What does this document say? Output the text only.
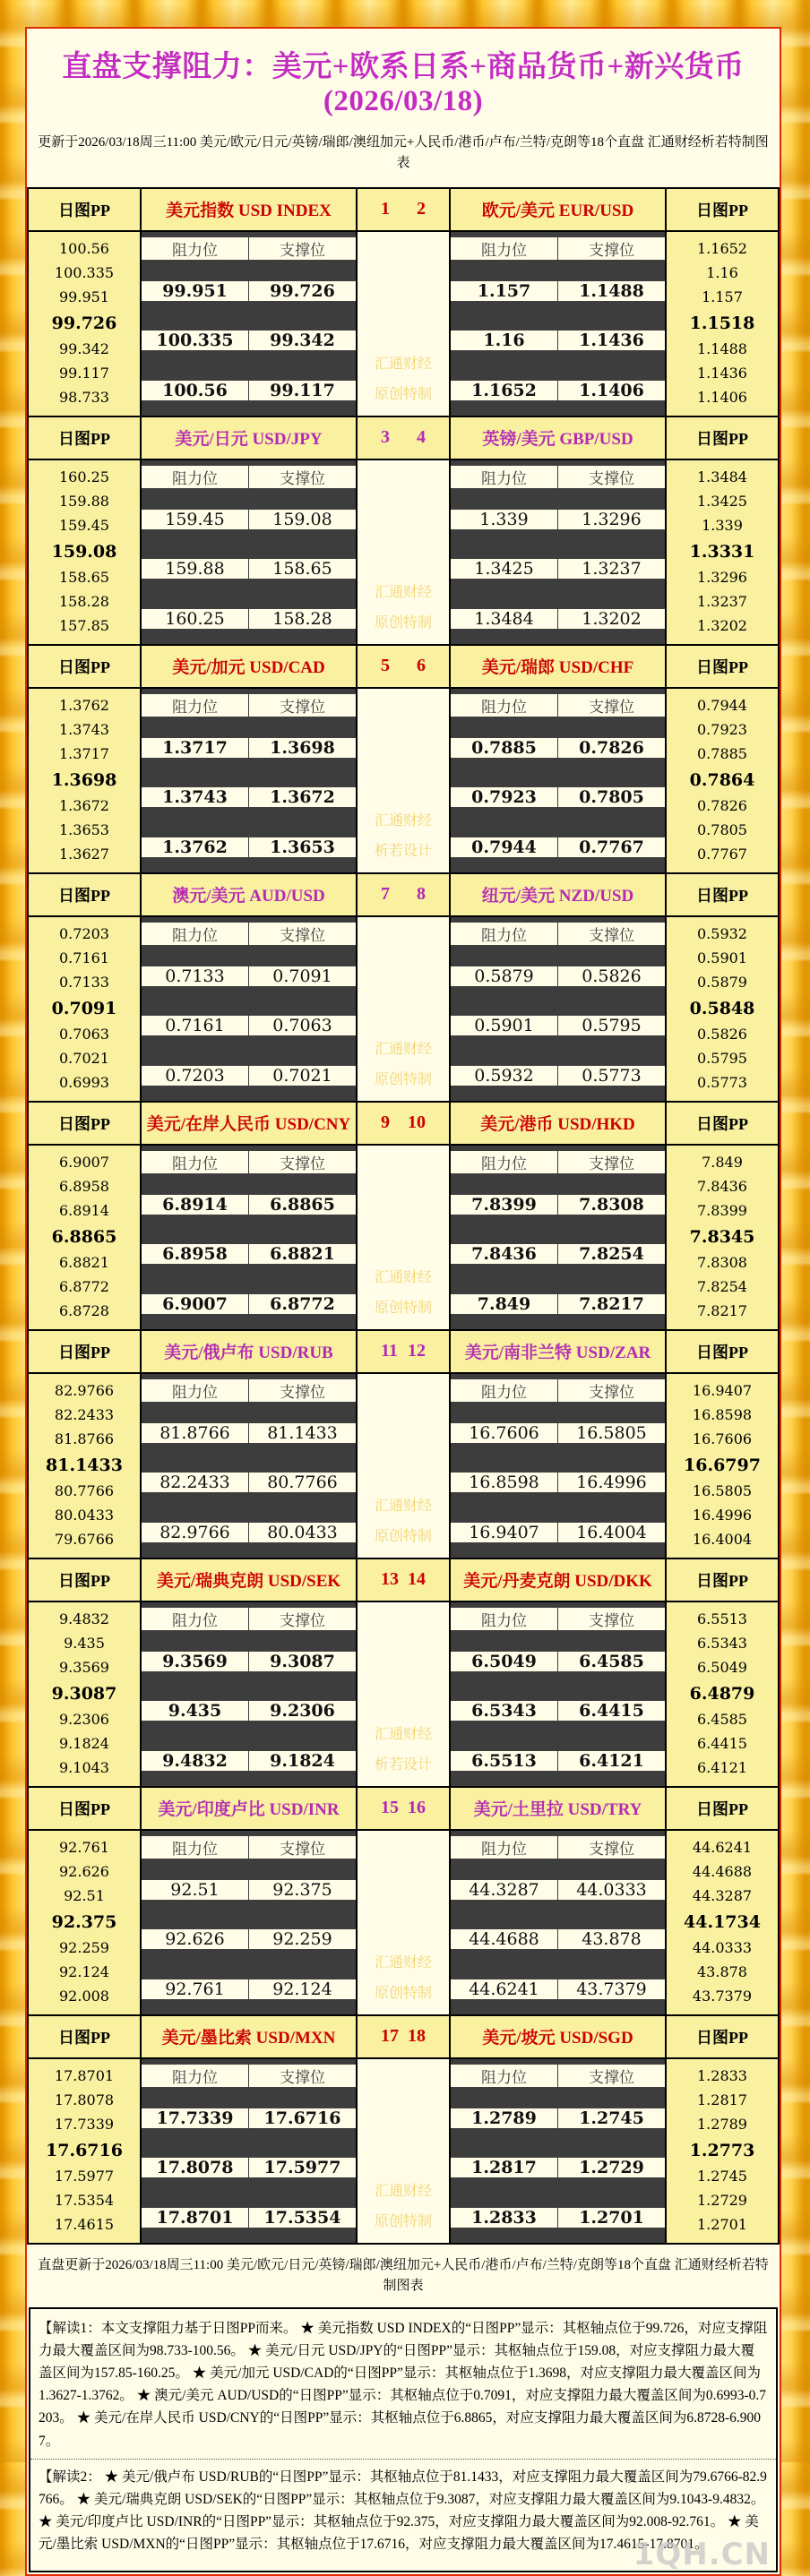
直盘支撑阻力：美元+欧系日系+商品货币+新兴货币(2026/03/18)
更新于2026/03/18周三11:00 美元/欧元/日元/英镑/瑞郎/澳纽加元+人民币/港币/卢布/兰特/克朗等18个直盘 汇通财经析若特制图表
日图PP	美元指数 USD INDEX	1 2	欧元/美元 EUR/USD	日图PP
100.56
100.335
99.951
99.726
99.342
99.117
98.733
阻力位	支撑位
99.951	99.726
100.335	99.342
100.56	99.117
汇通财经
原创特制
阻力位	支撑位
1.157	1.1488
1.16	1.1436
1.1652	1.1406
1.1652
1.16
1.157
1.1518
1.1488
1.1436
1.1406
日图PP	美元/日元 USD/JPY	3 4	英镑/美元 GBP/USD	日图PP
160.25
159.88
159.45
159.08
158.65
158.28
157.85
阻力位	支撑位
159.45	159.08
159.88	158.65
160.25	158.28
汇通财经
原创特制
阻力位	支撑位
1.339	1.3296
1.3425	1.3237
1.3484	1.3202
1.3484
1.3425
1.339
1.3331
1.3296
1.3237
1.3202
日图PP	美元/加元 USD/CAD	5 6	美元/瑞郎 USD/CHF	日图PP
1.3762
1.3743
1.3717
1.3698
1.3672
1.3653
1.3627
阻力位	支撑位
1.3717	1.3698
1.3743	1.3672
1.3762	1.3653
汇通财经
析若设计
阻力位	支撑位
0.7885	0.7826
0.7923	0.7805
0.7944	0.7767
0.7944
0.7923
0.7885
0.7864
0.7826
0.7805
0.7767
日图PP	澳元/美元 AUD/USD	7 8	纽元/美元 NZD/USD	日图PP
0.7203
0.7161
0.7133
0.7091
0.7063
0.7021
0.6993
阻力位	支撑位
0.7133	0.7091
0.7161	0.7063
0.7203	0.7021
汇通财经
原创特制
阻力位	支撑位
0.5879	0.5826
0.5901	0.5795
0.5932	0.5773
0.5932
0.5901
0.5879
0.5848
0.5826
0.5795
0.5773
日图PP	美元/在岸人民币 USD/CNY 9 10	美元/港币 USD/HKD	日图PP
6.9007
6.8958
6.8914
6.8865
6.8821
6.8772
6.8728
阻力位	支撑位
6.8914	6.8865
6.8958	6.8821
6.9007	6.8772
汇通财经
原创特制
阻力位	支撑位
7.8399	7.8308
7.8436	7.8254
7.849	7.8217
7.849
7.8436
7.8399
7.8345
7.8308
7.8254
7.8217
日图PP	美元/俄卢布 USD/RUB	11 12	美元/南非兰特 USD/ZAR	日图PP
82.9766
82.2433
81.8766
81.1433
80.7766
80.0433
79.6766
阻力位	支撑位
81.8766	81.1433
82.2433	80.7766
82.9766	80.0433
汇通财经
原创特制
阻力位	支撑位
16.7606	16.5805
16.8598	16.4996
16.9407	16.4004
16.9407
16.8598
16.7606
16.6797
16.5805
16.4996
16.4004
日图PP	美元/瑞典克朗 USD/SEK	13 14	美元/丹麦克朗 USD/DKK	日图PP
9.4832
9.435
9.3569
9.3087
9.2306
9.1824
9.1043
阻力位	支撑位
9.3569	9.3087
9.435	9.2306
9.4832	9.1824
汇通财经
析若设计
阻力位	支撑位
6.5049	6.4585
6.5343	6.4415
6.5513	6.4121
6.5513
6.5343
6.5049
6.4879
6.4585
6.4415
6.4121
日图PP	美元/印度卢比 USD/INR	15 16	美元/土里拉 USD/TRY	日图PP
92.761
92.626
92.51
92.375
92.259
92.124
92.008
阻力位	支撑位
92.51	92.375
92.626	92.259
92.761	92.124
汇通财经
原创特制
阻力位	支撑位
44.3287	44.0333
44.4688	43.878
44.6241	43.7379
44.6241
44.4688
44.3287
44.1734
44.0333
43.878
43.7379
日图PP	美元/墨比索 USD/MXN	17 18	美元/坡元 USD/SGD	日图PP
17.8701
17.8078
17.7339
17.6716
17.5977
17.5354
17.4615
阻力位	支撑位
17.7339	17.6716
17.8078	17.5977
17.8701	17.5354
汇通财经
原创特制
阻力位	支撑位
1.2789	1.2745
1.2817	1.2729
1.2833	1.2701
1.2833
1.2817
1.2789
1.2773
1.2745
1.2729
1.2701
直盘更新于2026/03/18周三11:00 美元/欧元/日元/英镑/瑞郎/澳纽加元+人民币/港币/卢布/兰特/克朗等18个直盘 汇通财经析若特制图表

【解读1：本文支撑阻力基于日图PP而来。 ★ 美元指数 USD INDEX的“日图PP”显示：其枢轴点位于99.726，对应支撑阻力最大覆盖区间为98.733-100.56。 ★ 美元/日元 USD/JPY的“日图PP”显示：其枢轴点位于159.08，对应支撑阻力最大覆盖区间为157.85-160.25。 ★ 美元/加元 USD/CAD的“日图PP”显示：其枢轴点位于1.3698，对应支撑阻力最大覆盖区间为1.3627-1.3762。 ★ 澳元/美元 AUD/USD的“日图PP”显示：其枢轴点位于0.7091，对应支撑阻力最大覆盖区间为0.6993-0.7203。 ★ 美元/在岸人民币 USD/CNY的“日图PP”显示：其枢轴点位于6.8865，对应支撑阻力最大覆盖区间为6.8728-6.9007。

【解读2： ★ 美元/俄卢布 USD/RUB的“日图PP”显示：其枢轴点位于81.1433，对应支撑阻力最大覆盖区间为79.6766-82.9766。 ★ 美元/瑞典克朗 USD/SEK的“日图PP”显示：其枢轴点位于9.3087，对应支撑阻力最大覆盖区间为9.1043-9.4832。 ★ 美元/印度卢比 USD/INR的“日图PP”显示：其枢轴点位于92.375，对应支撑阻力最大覆盖区间为92.008-92.761。 ★ 美元/墨比索 USD/MXN的“日图PP”显示：其枢轴点位于17.6716，对应支撑阻力最大覆盖区间为17.4615-17.8701。

1QH.CN
